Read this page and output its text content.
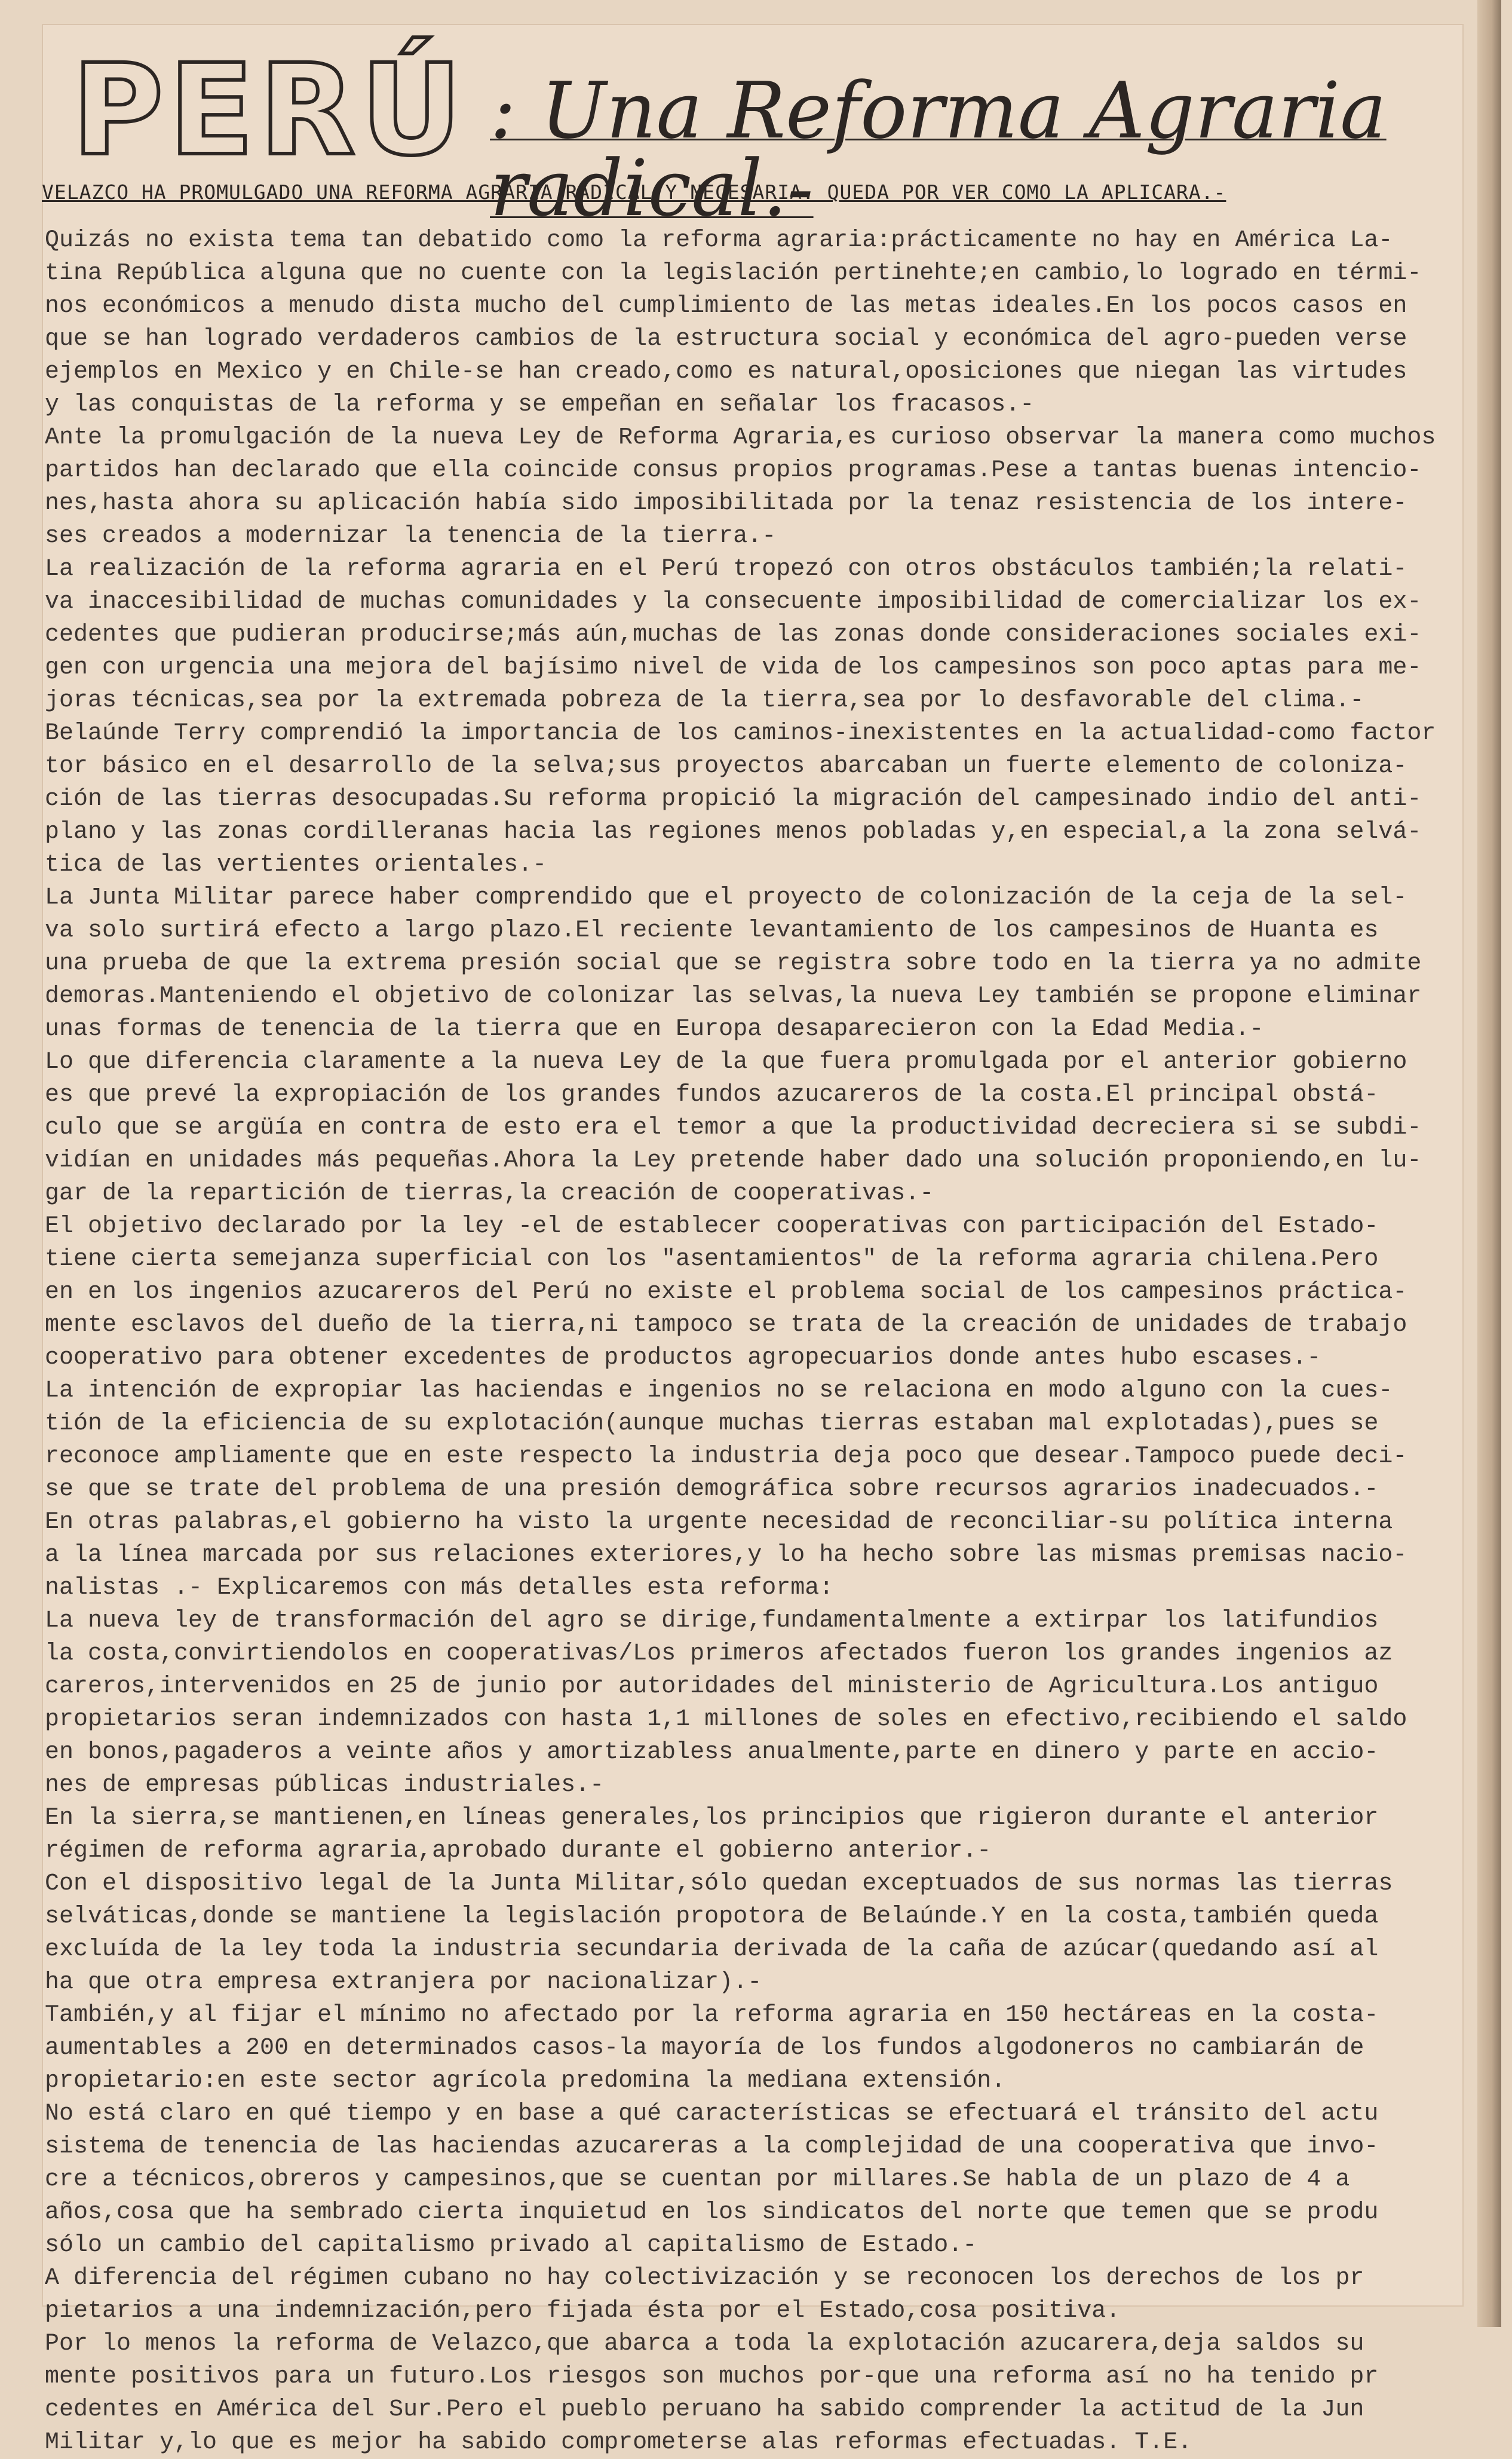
PERÚ : Una Reforma Agraria radical.-
VELAZCO HA PROMULGADO UNA REFORMA AGRARIA RADICAL Y NECESARIA. QUEDA POR VER COMO LA APLICARA.-

Quizás no exista tema tan debatido como la reforma agraria:prácticamente no hay en América La-

tina República alguna que no cuente con la legislación pertinehte;en cambio,lo logrado en térmi-

nos económicos a menudo dista mucho del cumplimiento de las metas ideales.En los pocos casos en

que se han logrado verdaderos cambios de la estructura social y económica del agro-pueden verse

ejemplos en Mexico y en Chile-se han creado,como es natural,oposiciones que niegan las virtudes

y las conquistas de la reforma y se empeñan en señalar los fracasos.-

Ante la promulgación de la nueva Ley de Reforma Agraria,es curioso observar la manera como muchos

partidos han declarado que ella coincide consus propios programas.Pese a tantas buenas intencio-

nes,hasta ahora su aplicación había sido imposibilitada por la tenaz resistencia de los intere-

ses creados a modernizar la tenencia de la tierra.-

La realización de la reforma agraria en el Perú tropezó con otros obstáculos también;la relati-

va inaccesibilidad de muchas comunidades y la consecuente imposibilidad de comercializar los ex-

cedentes que pudieran producirse;más aún,muchas de las zonas donde consideraciones sociales exi-

gen con urgencia una mejora del bajísimo nivel de vida de los campesinos son poco aptas para me-

joras técnicas,sea por la extremada pobreza de la tierra,sea por lo desfavorable del clima.-

Belaúnde Terry comprendió la importancia de los caminos-inexistentes en la actualidad-como factor

tor básico en el desarrollo de la selva;sus proyectos abarcaban un fuerte elemento de coloniza-

ción de las tierras desocupadas.Su reforma propició la migración del campesinado indio del anti-

plano y las zonas cordilleranas hacia las regiones menos pobladas y,en especial,a la zona selvá-

tica de las vertientes orientales.-

La Junta Militar parece haber comprendido que el proyecto de colonización de la ceja de la sel-

va solo surtirá efecto a largo plazo.El reciente levantamiento de los campesinos de Huanta es

una prueba de que la extrema presión social que se registra sobre todo en la tierra ya no admite

demoras.Manteniendo el objetivo de colonizar las selvas,la nueva Ley también se propone eliminar

unas formas de tenencia de la tierra que en Europa desaparecieron con la Edad Media.-

Lo que diferencia claramente a la nueva Ley de la que fuera promulgada por el anterior gobierno

es que prevé la expropiación de los grandes fundos azucareros de la costa.El principal obstá-

culo que se argüía en contra de esto era el temor a que la productividad decreciera si se subdi-

vidían en unidades más pequeñas.Ahora la Ley pretende haber dado una solución proponiendo,en lu-

gar de la repartición de tierras,la creación de cooperativas.-

El objetivo declarado por la ley -el de establecer cooperativas con participación del Estado-

tiene cierta semejanza superficial con los "asentamientos" de la reforma agraria chilena.Pero

en en los ingenios azucareros del Perú no existe el problema social de los campesinos práctica-

mente esclavos del dueño de la tierra,ni tampoco se trata de la creación de unidades de trabajo

cooperativo para obtener excedentes de productos agropecuarios donde antes hubo escases.-

La intención de expropiar las haciendas e ingenios no se relaciona en modo alguno con la cues-

tión de la eficiencia de su explotación(aunque muchas tierras estaban mal explotadas),pues se

reconoce ampliamente que en este respecto la industria deja poco que desear.Tampoco puede deci-

se que se trate del problema de una presión demográfica sobre recursos agrarios inadecuados.-

En otras palabras,el gobierno ha visto la urgente necesidad de reconciliar-su política interna

a la línea marcada por sus relaciones exteriores,y lo ha hecho sobre las mismas premisas nacio-

nalistas .- Explicaremos con más detalles esta reforma:

La nueva ley de transformación del agro se dirige,fundamentalmente a extirpar los latifundios

la costa,convirtiendolos en cooperativas/Los primeros afectados fueron los grandes ingenios az

careros,intervenidos en 25 de junio por autoridades del ministerio de Agricultura.Los antiguo

propietarios seran indemnizados con hasta 1,1 millones de soles en efectivo,recibiendo el saldo

en bonos,pagaderos a veinte años y amortizabless anualmente,parte en dinero y parte en accio-

nes de empresas públicas industriales.-

En la sierra,se mantienen,en líneas generales,los principios que rigieron durante el anterior

régimen de reforma agraria,aprobado durante el gobierno anterior.-

Con el dispositivo legal de la Junta Militar,sólo quedan exceptuados de sus normas las tierras

selváticas,donde se mantiene la legislación propotora de Belaúnde.Y en la costa,también queda

excluída de la ley toda la industria secundaria derivada de la caña de azúcar(quedando así al

ha que otra empresa extranjera por nacionalizar).-

También,y al fijar el mínimo no afectado por la reforma agraria en 150 hectáreas en la costa-

aumentables a 200 en determinados casos-la mayoría de los fundos algodoneros no cambiarán de

propietario:en este sector agrícola predomina la mediana extensión.

No está claro en qué tiempo y en base a qué características se efectuará el tránsito del actu

sistema de tenencia de las haciendas azucareras a la complejidad de una cooperativa que invo-

cre a técnicos,obreros y campesinos,que se cuentan por millares.Se habla de un plazo de 4 a

años,cosa que ha sembrado cierta inquietud en los sindicatos del norte que temen que se produ

sólo un cambio del capitalismo privado al capitalismo de Estado.-

A diferencia del régimen cubano no hay colectivización y se reconocen los derechos de los pr

pietarios a una indemnización,pero fijada ésta por el Estado,cosa positiva.

Por lo menos la reforma de Velazco,que abarca a toda la explotación azucarera,deja saldos su

mente positivos para un futuro.Los riesgos son muchos por-que una reforma así no ha tenido pr

cedentes en América del Sur.Pero el pueblo peruano ha sabido comprender la actitud de la Jun

Militar y,lo que es mejor ha sabido comprometerse alas reformas efectuadas. T.E.
